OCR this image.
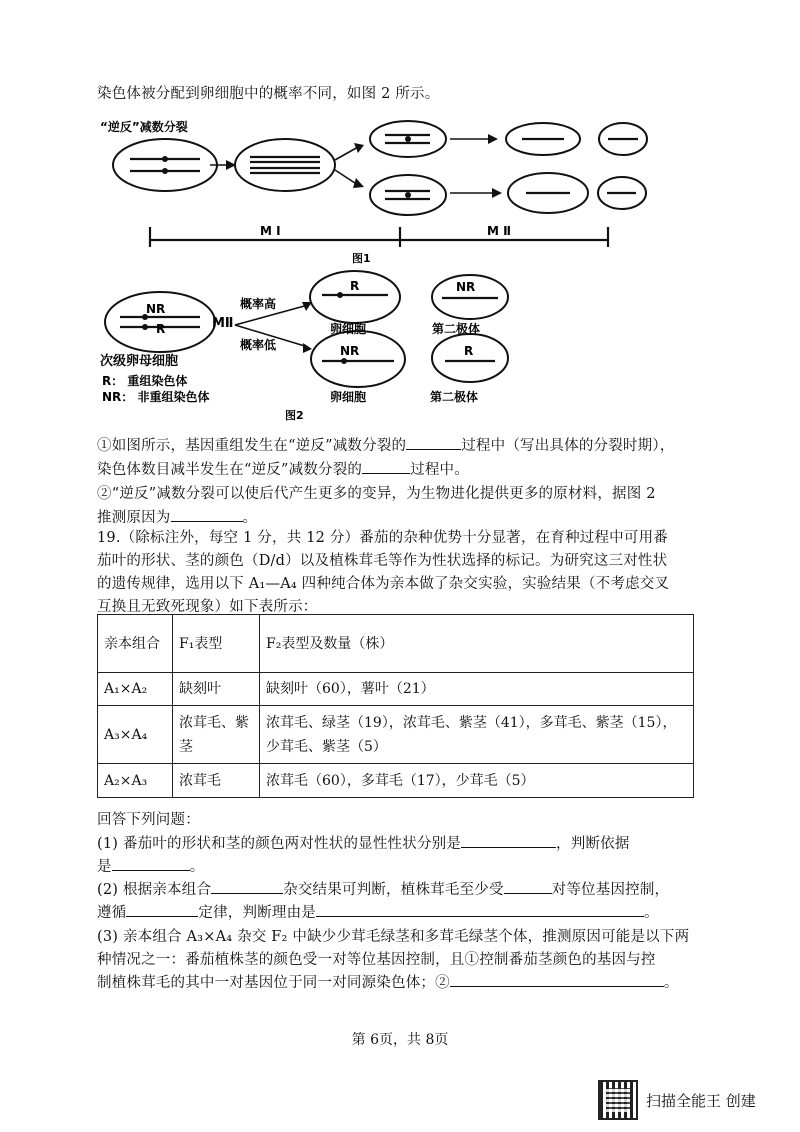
染色体被分配到卵细胞中的概率不同，如图 2 所示。
“逆反”减数分裂
M Ⅰ	M Ⅱ
图1
NR
R
R	NR
NR	R
MⅡ
概率高
概率低
次级卵母细胞
卵细胞	第二极体
卵细胞	第二极体
R： 重组染色体
NR： 非重组染色体
图2
①如图所示，基因重组发生在“逆反”减数分裂的	过程中（写出具体的分裂时期），
染色体数目减半发生在“逆反”减数分裂的	过程中。
②“逆反”减数分裂可以使后代产生更多的变异，为生物进化提供更多的原材料，据图 2
推测原因为	。
19.（除标注外，每空 1 分，共 12 分）番茄的杂种优势十分显著，在育种过程中可用番
茄叶的形状、茎的颜色（D/d）以及植株茸毛等作为性状选择的标记。为研究这三对性状
的遗传规律，选用以下 A₁—A₄ 四种纯合体为亲本做了杂交实验，实验结果（不考虑交叉
互换且无致死现象）如下表所示：
亲本组合	F₁表型	F₂表型及数量（株）
A₁×A₂	缺刻叶	缺刻叶（60），薯叶（21）
A₃×A₄	浓茸毛、紫茎	浓茸毛、绿茎（19），浓茸毛、紫茎（41），多茸毛、紫茎（15），少茸毛、紫茎（5）
A₂×A₃	浓茸毛	浓茸毛（60），多茸毛（17），少茸毛（5）
回答下列问题：
(1) 番茄叶的形状和茎的颜色两对性状的显性性状分别是	，判断依据
是	。
(2) 根据亲本组合	杂交结果可判断，植株茸毛至少受	对等位基因控制，
遵循	定律，判断理由是	。
(3) 亲本组合 A₃×A₄ 杂交 F₂ 中缺少少茸毛绿茎和多茸毛绿茎个体，推测原因可能是以下两
种情况之一：番茄植株茎的颜色受一对等位基因控制，且①控制番茄茎颜色的基因与控
制植株茸毛的其中一对基因位于同一对同源染色体；②	。
第 6页，共 8页
扫描全能王 创建
